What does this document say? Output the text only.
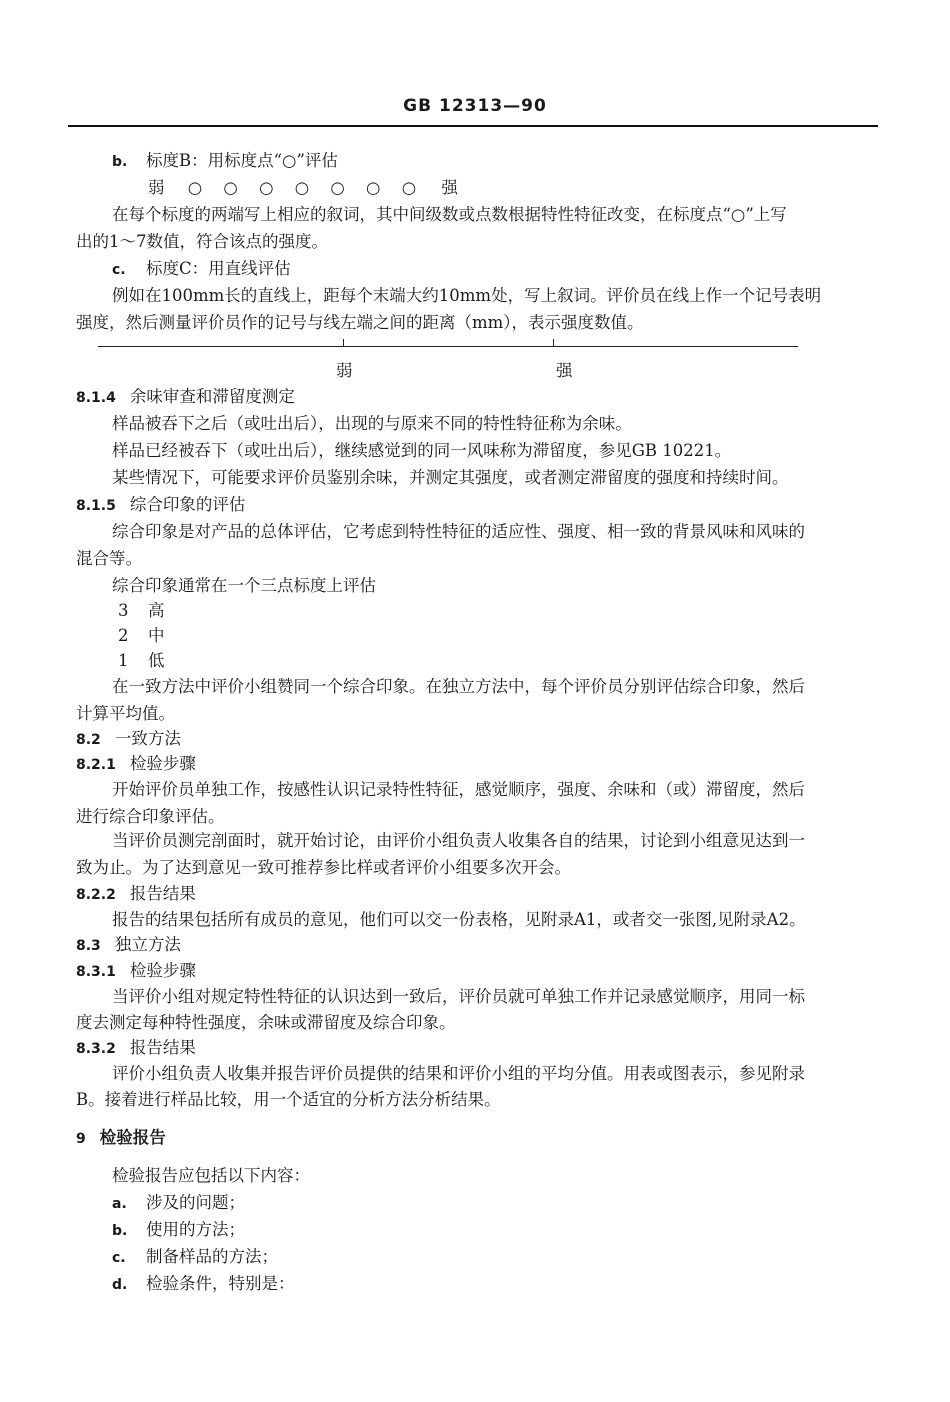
GB 12313—90
b. 标度B：用标度点“○”评估
弱 ○ ○ ○ ○ ○ ○ ○ 强
在每个标度的两端写上相应的叙词，其中间级数或点数根据特性特征改变，在标度点“○”上写
出的1～7数值，符合该点的强度。
c. 标度C：用直线评估
例如在100mm长的直线上，距每个末端大约10mm处，写上叙词。评价员在线上作一个记号表明
强度，然后测量评价员作的记号与线左端之间的距离（mm），表示强度数值。
弱	强
8.1.4 余味审查和滞留度测定
样品被吞下之后（或吐出后），出现的与原来不同的特性特征称为余味。
样品已经被吞下（或吐出后），继续感觉到的同一风味称为滞留度，参见GB 10221。
某些情况下，可能要求评价员鉴别余味，并测定其强度，或者测定滞留度的强度和持续时间。
8.1.5 综合印象的评估
综合印象是对产品的总体评估，它考虑到特性特征的适应性、强度、相一致的背景风味和风味的
混合等。
综合印象通常在一个三点标度上评估
3 高
2 中
1 低
在一致方法中评价小组赞同一个综合印象。在独立方法中，每个评价员分别评估综合印象，然后
计算平均值。
8.2 一致方法
8.2.1 检验步骤
开始评价员单独工作，按感性认识记录特性特征，感觉顺序，强度、余味和（或）滞留度，然后
进行综合印象评估。
当评价员测完剖面时，就开始讨论，由评价小组负责人收集各自的结果，讨论到小组意见达到一
致为止。为了达到意见一致可推荐参比样或者评价小组要多次开会。
8.2.2 报告结果
报告的结果包括所有成员的意见，他们可以交一份表格，见附录A1，或者交一张图,见附录A2。
8.3 独立方法
8.3.1 检验步骤
当评价小组对规定特性特征的认识达到一致后，评价员就可单独工作并记录感觉顺序，用同一标
度去测定每种特性强度，余味或滞留度及综合印象。
8.3.2 报告结果
评价小组负责人收集并报告评价员提供的结果和评价小组的平均分值。用表或图表示，参见附录
B。接着进行样品比较，用一个适宜的分析方法分析结果。
9 检验报告
检验报告应包括以下内容：
a. 涉及的问题；
b. 使用的方法；
c. 制备样品的方法；
d. 检验条件，特别是：
